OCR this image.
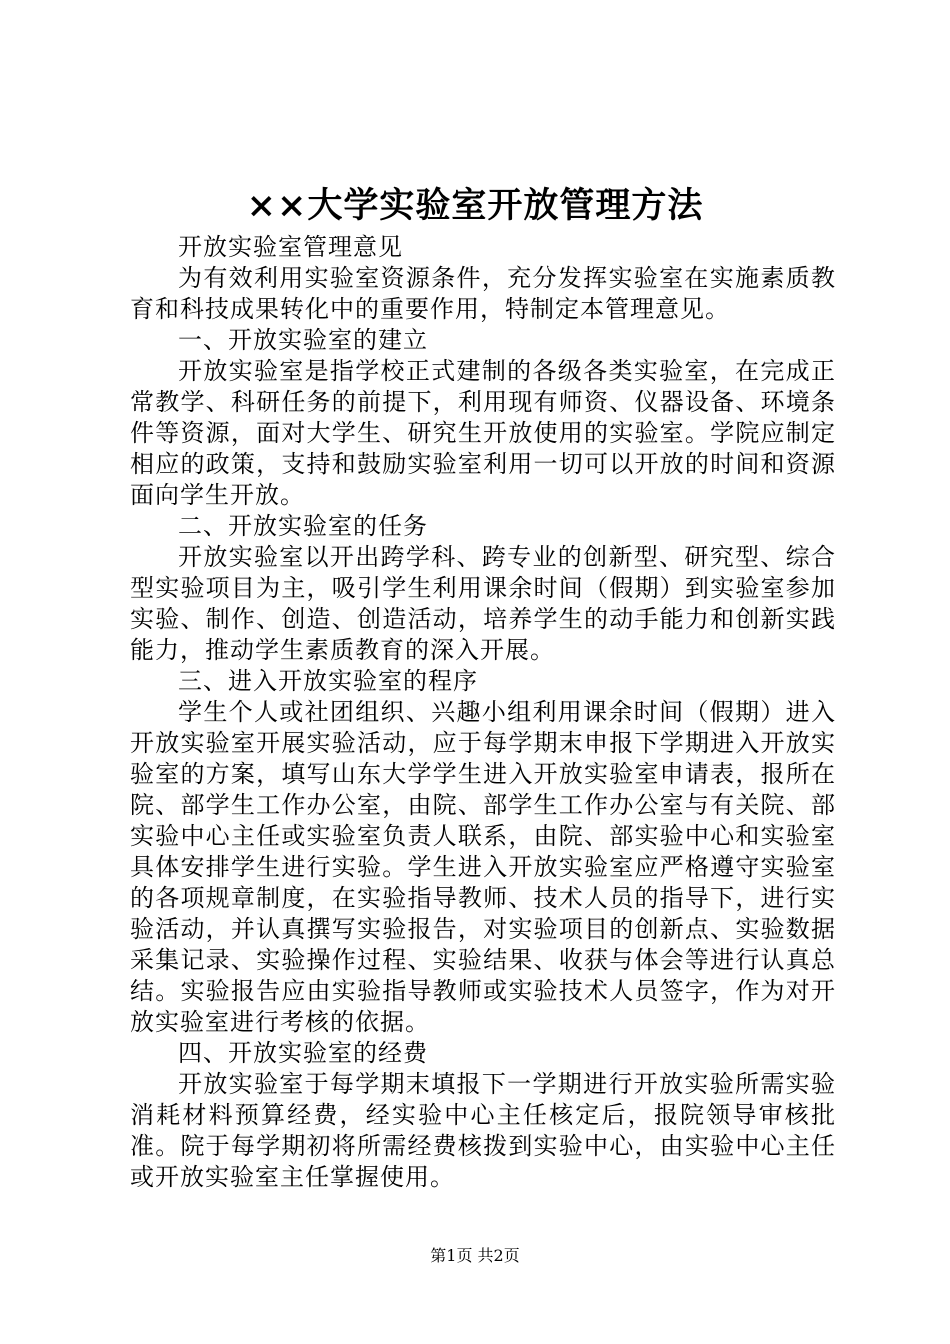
××大学实验室开放管理方法

开放实验室管理意见

为有效利用实验室资源条件，充分发挥实验室在实施素质教育和科技成果转化中的重要作用，特制定本管理意见。

一、开放实验室的建立

开放实验室是指学校正式建制的各级各类实验室，在完成正常教学、科研任务的前提下，利用现有师资、仪器设备、环境条件等资源，面对大学生、研究生开放使用的实验室。学院应制定相应的政策，支持和鼓励实验室利用一切可以开放的时间和资源面向学生开放。

二、开放实验室的任务

开放实验室以开出跨学科、跨专业的创新型、研究型、综合型实验项目为主，吸引学生利用课余时间（假期）到实验室参加实验、制作、创造、创造活动，培养学生的动手能力和创新实践能力，推动学生素质教育的深入开展。

三、进入开放实验室的程序

学生个人或社团组织、兴趣小组利用课余时间（假期）进入开放实验室开展实验活动，应于每学期末申报下学期进入开放实验室的方案，填写山东大学学生进入开放实验室申请表，报所在院、部学生工作办公室，由院、部学生工作办公室与有关院、部实验中心主任或实验室负责人联系，由院、部实验中心和实验室具体安排学生进行实验。学生进入开放实验室应严格遵守实验室的各项规章制度，在实验指导教师、技术人员的指导下，进行实验活动，并认真撰写实验报告，对实验项目的创新点、实验数据采集记录、实验操作过程、实验结果、收获与体会等进行认真总结。实验报告应由实验指导教师或实验技术人员签字，作为对开放实验室进行考核的依据。

四、开放实验室的经费

开放实验室于每学期末填报下一学期进行开放实验所需实验消耗材料预算经费，经实验中心主任核定后，报院领导审核批准。院于每学期初将所需经费核拨到实验中心，由实验中心主任或开放实验室主任掌握使用。

第1页 共2页
